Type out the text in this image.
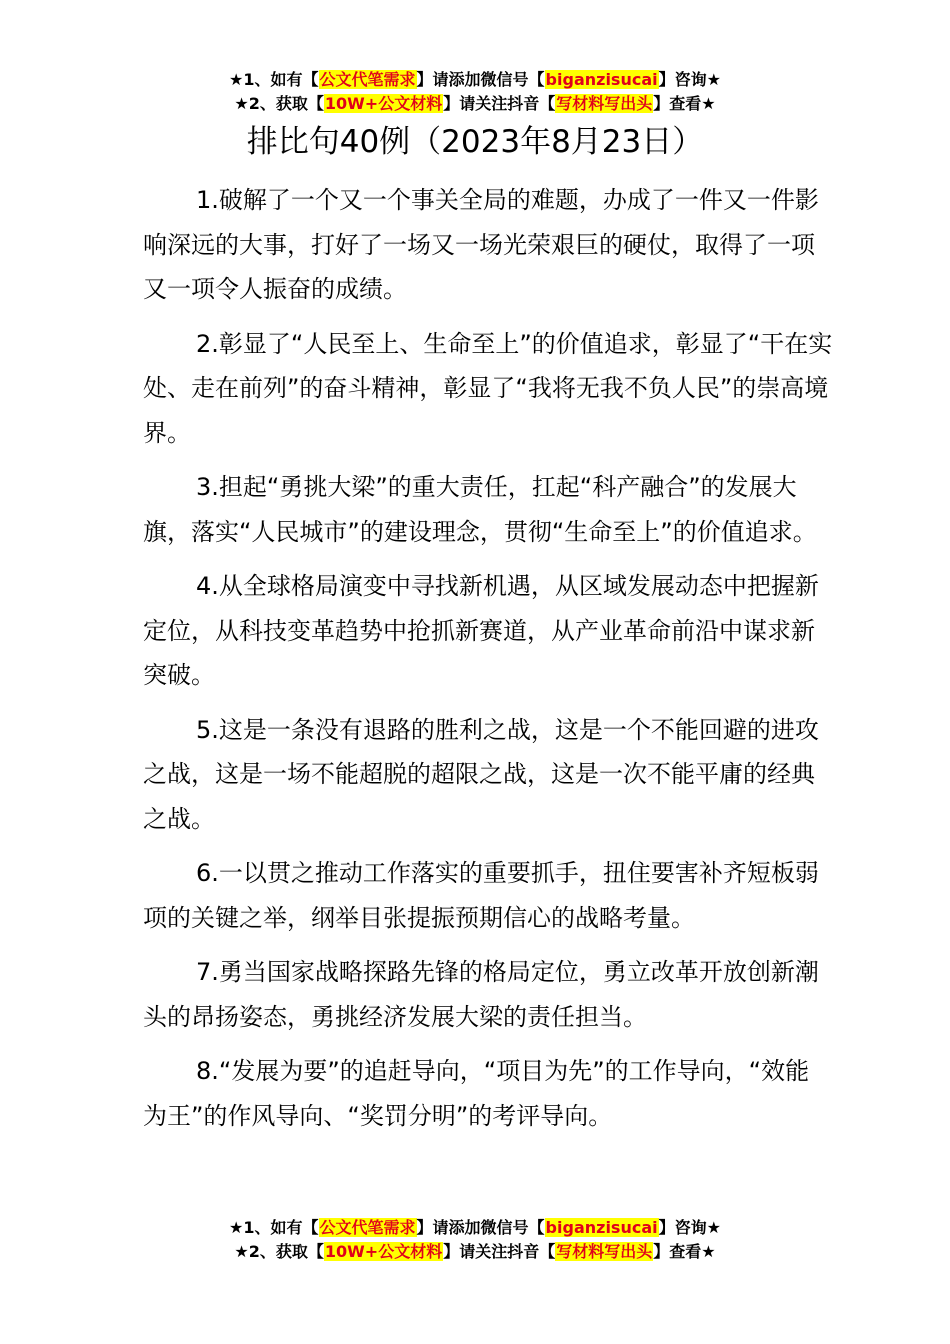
★1、如有【公文代笔需求】请添加微信号【biganzisucai】咨询★
★2、获取【10W+公文材料】请关注抖音【写材料写出头】查看★
排比句40例（2023年8月23日）

1.破解了一个又一个事关全局的难题，办成了一件又一件影响深远的大事，打好了一场又一场光荣艰巨的硬仗，取得了一项又一项令人振奋的成绩。

2.彰显了“人民至上、生命至上”的价值追求，彰显了“干在实处、走在前列”的奋斗精神，彰显了“我将无我不负人民”的崇高境界。

3.担起“勇挑大梁”的重大责任，扛起“科产融合”的发展大旗，落实“人民城市”的建设理念，贯彻“生命至上”的价值追求。

4.从全球格局演变中寻找新机遇，从区域发展动态中把握新定位，从科技变革趋势中抢抓新赛道，从产业革命前沿中谋求新突破。

5.这是一条没有退路的胜利之战，这是一个不能回避的进攻之战，这是一场不能超脱的超限之战，这是一次不能平庸的经典之战。

6.一以贯之推动工作落实的重要抓手，扭住要害补齐短板弱项的关键之举，纲举目张提振预期信心的战略考量。

7.勇当国家战略探路先锋的格局定位，勇立改革开放创新潮头的昂扬姿态，勇挑经济发展大梁的责任担当。

8.“发展为要”的追赶导向，“项目为先”的工作导向，“效能为王”的作风导向、“奖罚分明”的考评导向。

★1、如有【公文代笔需求】请添加微信号【biganzisucai】咨询★
★2、获取【10W+公文材料】请关注抖音【写材料写出头】查看★
